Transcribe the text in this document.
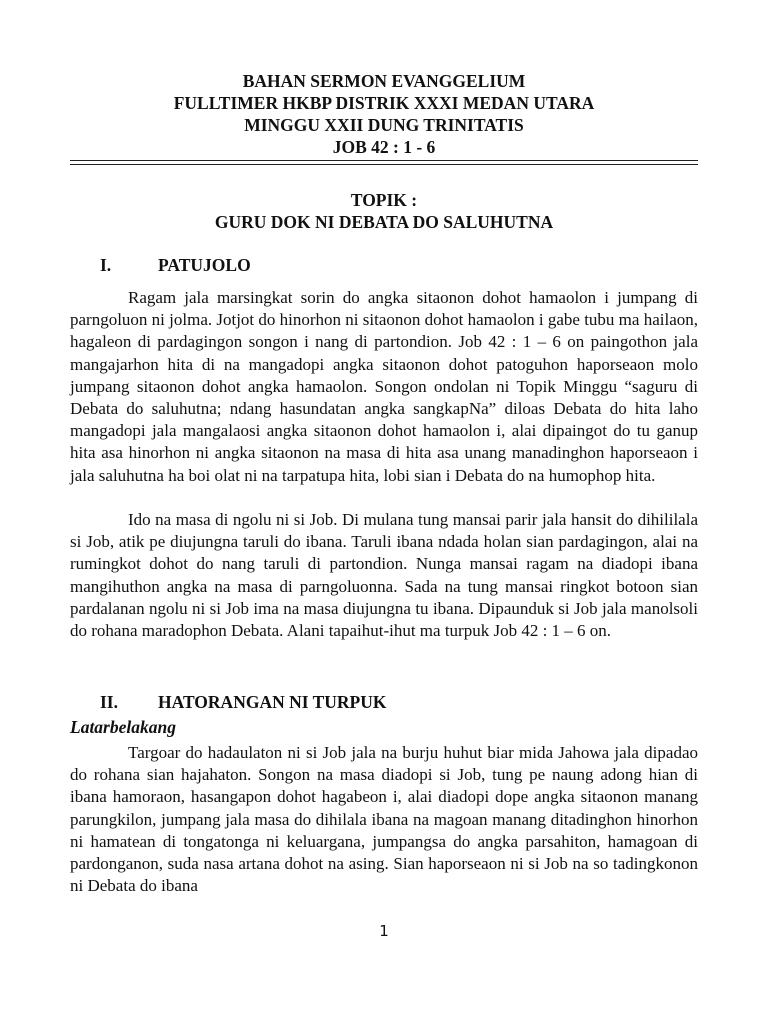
BAHAN SERMON EVANGGELIUM
FULLTIMER HKBP DISTRIK XXXI MEDAN UTARA
MINGGU XXII DUNG TRINITATIS
JOB 42 : 1 - 6
TOPIK :
GURU DOK NI DEBATA DO SALUHUTNA
I.	PATUJOLO

Ragam jala marsingkat sorin do angka sitaonon dohot hamaolon i jumpang di parngoluon ni jolma. Jotjot do hinorhon ni sitaonon dohot hamaolon i gabe tubu ma hailaon, hagaleon di pardagingon songon i nang di partondion. Job 42 : 1 – 6 on paingothon jala mangajarhon hita di na mangadopi angka sitaonon dohot patoguhon haporseaon molo jumpang sitaonon dohot angka hamaolon. Songon ondolan ni Topik Minggu “saguru di Debata do saluhutna; ndang hasundatan angka sangkapNa” diloas Debata do hita laho mangadopi jala mangalaosi angka sitaonon dohot hamaolon i, alai dipaingot do tu ganup hita asa hinorhon ni angka sitaonon na masa di hita asa unang manadinghon haporseaon i jala saluhutna ha boi olat ni na tarpatupa hita, lobi sian i Debata do na humophop hita.

Ido na masa di ngolu ni si Job. Di mulana tung mansai parir jala hansit do dihililala si Job, atik pe diujungna taruli do ibana. Taruli ibana ndada holan sian pardagingon, alai na rumingkot dohot do nang taruli di partondion. Nunga mansai ragam na diadopi ibana mangihuthon angka na masa di parngoluonna. Sada na tung mansai ringkot botoon sian pardalanan ngolu ni si Job ima na masa diujungna tu ibana. Dipaunduk si Job jala manolsoli do rohana maradophon Debata. Alani tapaihut-ihut ma turpuk Job 42 : 1 – 6 on.

II. HATORANGAN NI TURPUK
Latarbelakang

Targoar do hadaulaton ni si Job jala na burju huhut biar mida Jahowa jala dipadao do rohana sian hajahaton. Songon na masa diadopi si Job, tung pe naung adong hian di ibana hamoraon, hasangapon dohot hagabeon i, alai diadopi dope angka sitaonon manang parungkilon, jumpang jala masa do dihilala ibana na magoan manang ditadinghon hinorhon ni hamatean di tongatonga ni keluargana, jumpangsa do angka parsahiton, hamagoan di pardonganon, suda nasa artana dohot na asing. Sian haporseaon ni si Job na so tadingkonon ni Debata do ibana

1
